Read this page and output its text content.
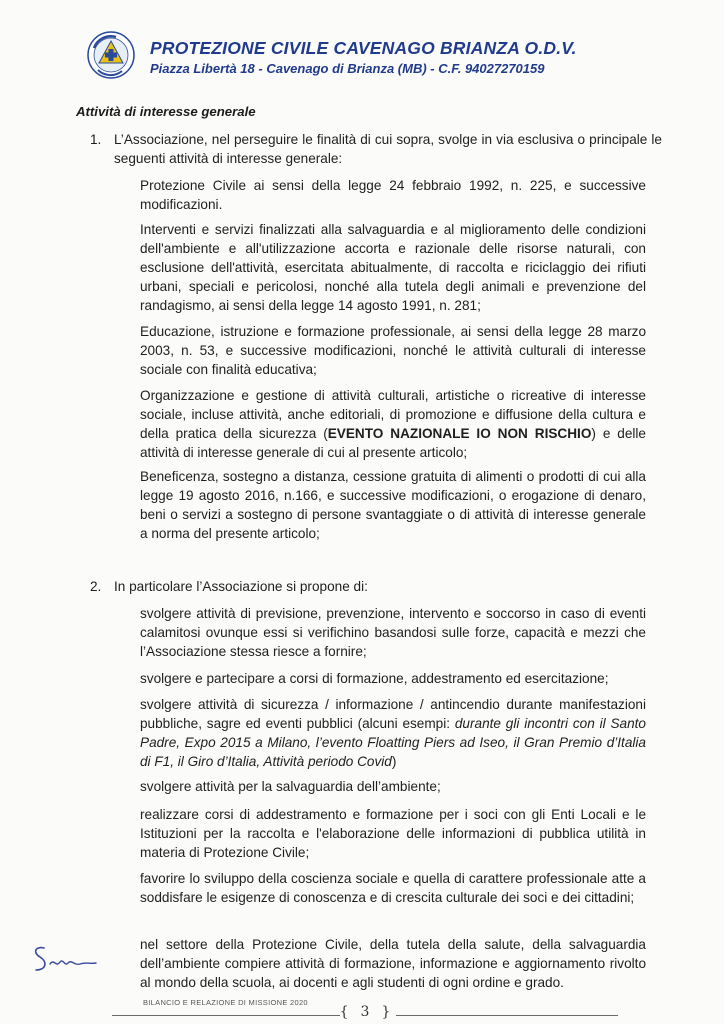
PROTEZIONE CIVILE CAVENAGO BRIANZA O.D.V.
Piazza Libertà 18 - Cavenago di Brianza (MB) - C.F. 94027270159
Attività di interesse generale
1. L’Associazione, nel perseguire le finalità di cui sopra, svolge in via esclusiva o principale le seguenti attività di interesse generale:
Protezione Civile ai sensi della legge 24 febbraio 1992, n. 225, e successive modificazioni.
Interventi e servizi finalizzati alla salvaguardia e al miglioramento delle condizioni dell'ambiente e all'utilizzazione accorta e razionale delle risorse naturali, con esclusione dell'attività, esercitata abitualmente, di raccolta e riciclaggio dei rifiuti urbani, speciali e pericolosi, nonché alla tutela degli animali e prevenzione del randagismo, ai sensi della legge 14 agosto 1991, n. 281;
Educazione, istruzione e formazione professionale, ai sensi della legge 28 marzo 2003, n. 53, e successive modificazioni, nonché le attività culturali di interesse sociale con finalità educativa;
Organizzazione e gestione di attività culturali, artistiche o ricreative di interesse sociale, incluse attività, anche editoriali, di promozione e diffusione della cultura e della pratica della sicurezza (EVENTO NAZIONALE IO NON RISCHIO) e delle attività di interesse generale di cui al presente articolo;
Beneficenza, sostegno a distanza, cessione gratuita di alimenti o prodotti di cui alla legge 19 agosto 2016, n.166, e successive modificazioni, o erogazione di denaro, beni o servizi a sostegno di persone svantaggiate o di attività di interesse generale a norma del presente articolo;
2. In particolare l’Associazione si propone di:
svolgere attività di previsione, prevenzione, intervento e soccorso in caso di eventi calamitosi ovunque essi si verifichino basandosi sulle forze, capacità e mezzi che l’Associazione stessa riesce a fornire;
svolgere e partecipare a corsi di formazione, addestramento ed esercitazione;
svolgere attività di sicurezza / informazione / antincendio durante manifestazioni pubbliche, sagre ed eventi pubblici (alcuni esempi: durante gli incontri con il Santo Padre, Expo 2015 a Milano, l’evento Floatting Piers ad Iseo, il Gran Premio d’Italia di F1, il Giro d’Italia, Attività periodo Covid)
svolgere attività per la salvaguardia dell’ambiente;
realizzare corsi di addestramento e formazione per i soci con gli Enti Locali e le Istituzioni per la raccolta e l'elaborazione delle informazioni di pubblica utilità in materia di Protezione Civile;
favorire lo sviluppo della coscienza sociale e quella di carattere professionale atte a soddisfare le esigenze di conoscenza e di crescita culturale dei soci e dei cittadini;
nel settore della Protezione Civile, della tutela della salute, della salvaguardia dell’ambiente compiere attività di formazione, informazione e aggiornamento rivolto al mondo della scuola, ai docenti e agli studenti di ogni ordine e grado.
BILANCIO E RELAZIONE DI MISSIONE 2020
{ 3 }
